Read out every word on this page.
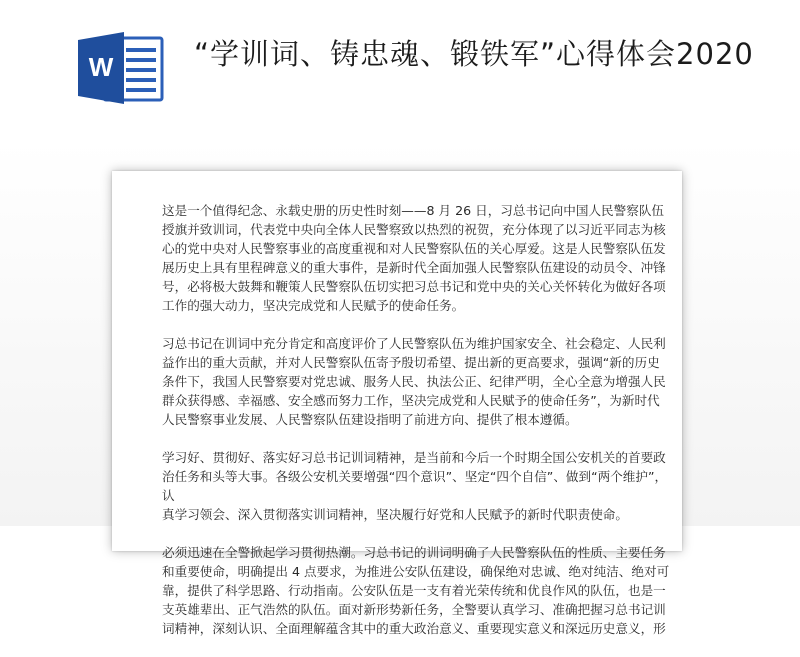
W	“学训词、铸忠魂、锻铁军”心得体会2020

这是一个值得纪念、永载史册的历史性时刻——8 月 26 日，习总书记向中国人民警察队伍
授旗并致训词，代表党中央向全体人民警察致以热烈的祝贺，充分体现了以习近平同志为核
心的党中央对人民警察事业的高度重视和对人民警察队伍的关心厚爱。这是人民警察队伍发
展历史上具有里程碑意义的重大事件，是新时代全面加强人民警察队伍建设的动员令、冲锋
号，必将极大鼓舞和鞭策人民警察队伍切实把习总书记和党中央的关心关怀转化为做好各项
工作的强大动力，坚决完成党和人民赋予的使命任务。

习总书记在训词中充分肯定和高度评价了人民警察队伍为维护国家安全、社会稳定、人民利
益作出的重大贡献，并对人民警察队伍寄予殷切希望、提出新的更高要求，强调“新的历史
条件下，我国人民警察要对党忠诚、服务人民、执法公正、纪律严明，全心全意为增强人民
群众获得感、幸福感、安全感而努力工作，坚决完成党和人民赋予的使命任务”，为新时代
人民警察事业发展、人民警察队伍建设指明了前进方向、提供了根本遵循。

学习好、贯彻好、落实好习总书记训词精神，是当前和今后一个时期全国公安机关的首要政
治任务和头等大事。各级公安机关要增强“四个意识”、坚定“四个自信”、做到“两个维护”，认
真学习领会、深入贯彻落实训词精神，坚决履行好党和人民赋予的新时代职责使命。

必须迅速在全警掀起学习贯彻热潮。习总书记的训词明确了人民警察队伍的性质、主要任务
和重要使命，明确提出 4 点要求，为推进公安队伍建设，确保绝对忠诚、绝对纯洁、绝对可
靠，提供了科学思路、行动指南。公安队伍是一支有着光荣传统和优良作风的队伍，也是一
支英雄辈出、正气浩然的队伍。面对新形势新任务，全警要认真学习、准确把握习总书记训
词精神，深刻认识、全面理解蕴含其中的重大政治意义、重要现实意义和深远历史意义，形
